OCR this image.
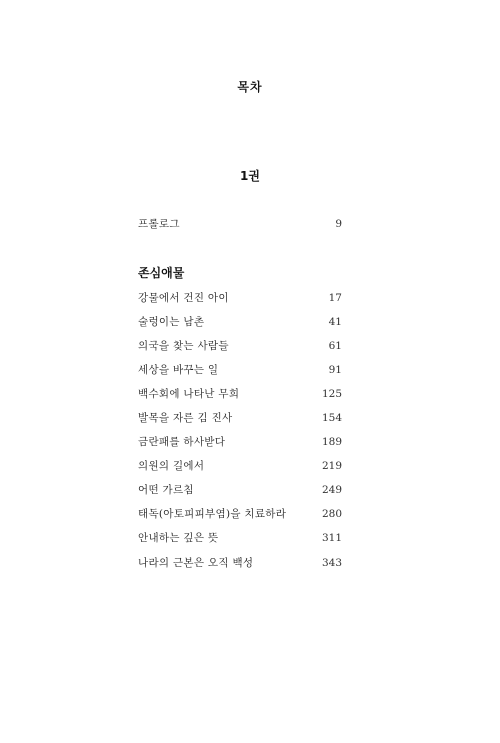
목차
1권
프롤로그	9
존심애물
강물에서 건진 아이	17
술렁이는 남촌	41
의국을 찾는 사람들	61
세상을 바꾸는 일	91
백수회에 나타난 무희	125
발목을 자른 김 진사	154
금란패를 하사받다	189
의원의 길에서	219
어떤 가르침	249
태독(아토피피부염)을 치료하라	280
안내하는 깊은 뜻	311
나라의 근본은 오직 백성	343
